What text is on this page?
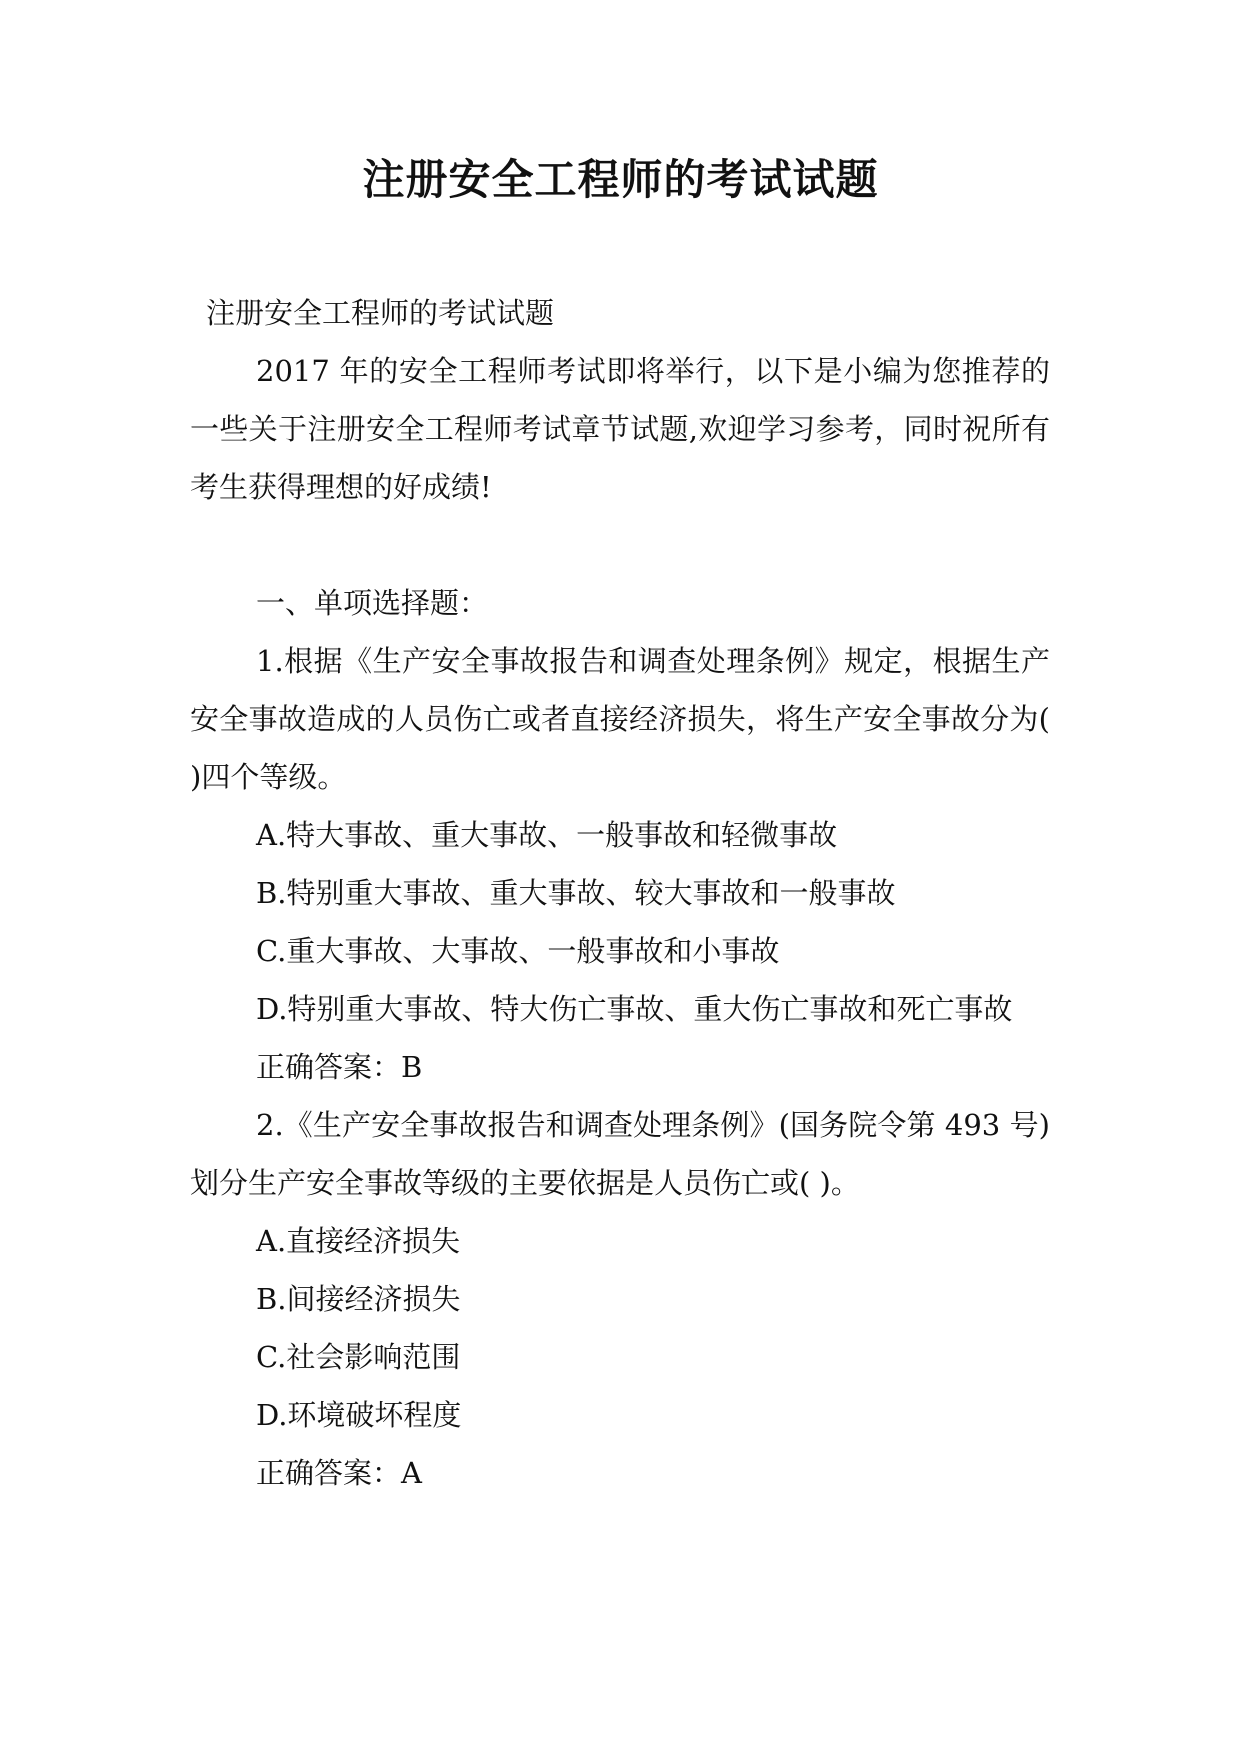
注册安全工程师的考试试题

注册安全工程师的考试试题

2017 年的安全工程师考试即将举行，以下是小编为您推荐的一些关于注册安全工程师考试章节试题,欢迎学习参考，同时祝所有考生获得理想的好成绩!

一、单项选择题：

1.根据《生产安全事故报告和调查处理条例》规定，根据生产安全事故造成的人员伤亡或者直接经济损失，将生产安全事故分为( )四个等级。

A.特大事故、重大事故、一般事故和轻微事故

B.特别重大事故、重大事故、较大事故和一般事故

C.重大事故、大事故、一般事故和小事故

D.特别重大事故、特大伤亡事故、重大伤亡事故和死亡事故

正确答案：B

2.《生产安全事故报告和调查处理条例》(国务院令第 493 号)划分生产安全事故等级的主要依据是人员伤亡或( )。

A.直接经济损失

B.间接经济损失

C.社会影响范围

D.环境破坏程度

正确答案：A
